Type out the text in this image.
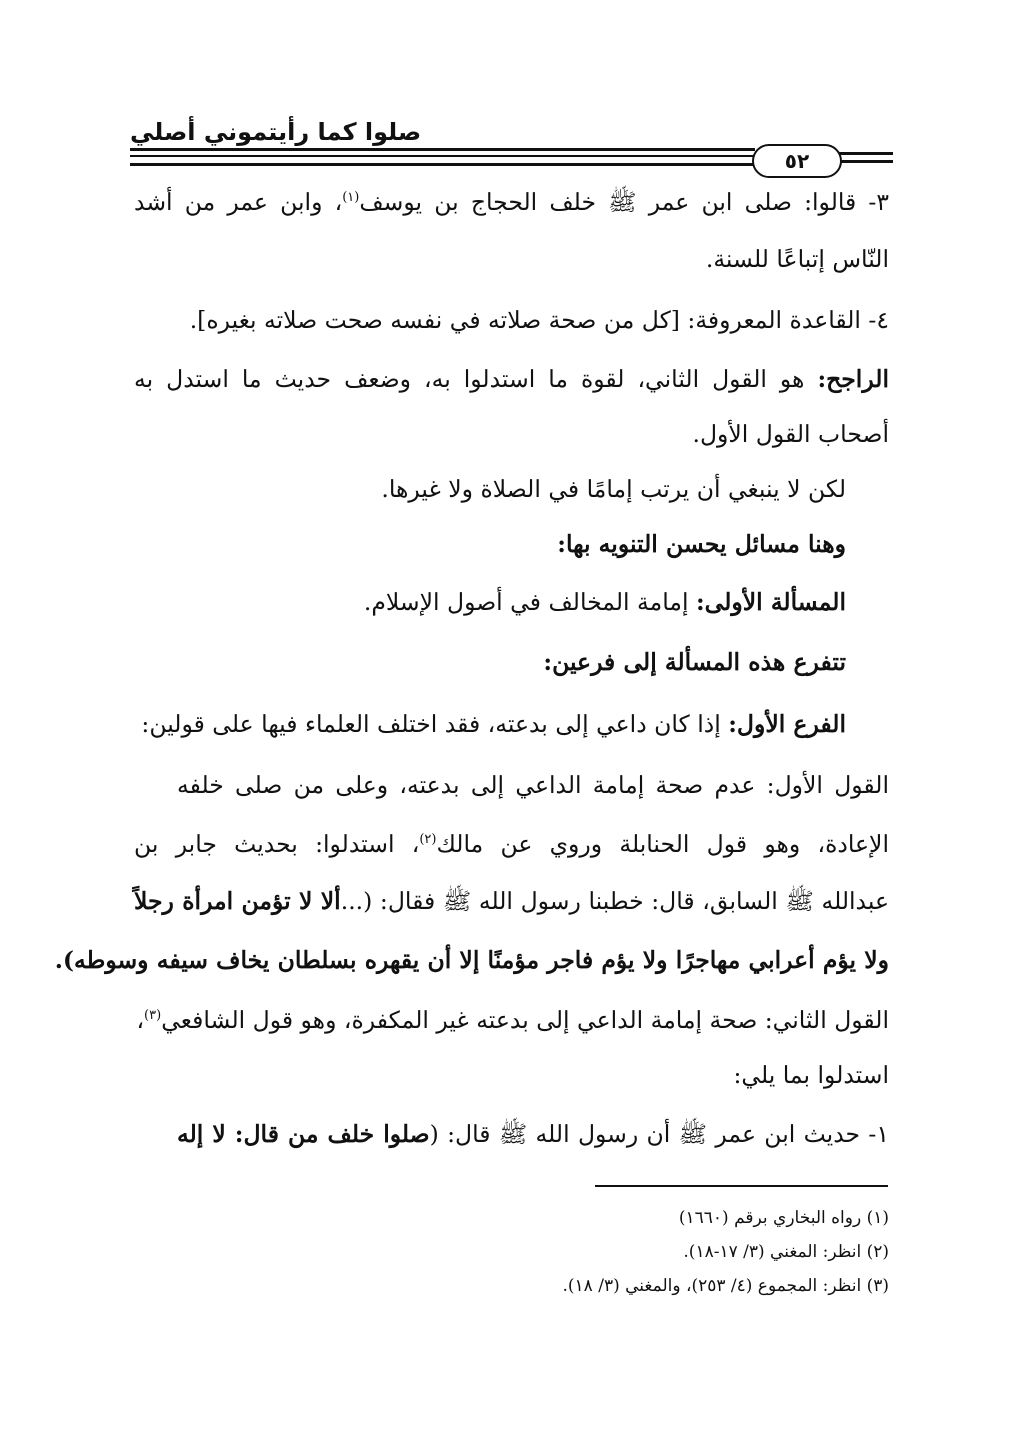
صلوا كما رأيتموني أصلي
٥٢
٣- قالوا: صلى ابن عمر ﷺ خلف الحجاج بن يوسف$^{(١)}$، وابن عمر من أشد
النّاس إتباعًا للسنة.
٤- القاعدة المعروفة: [كل من صحة صلاته في نفسه صحت صلاته بغيره].
الراجح: هو القول الثاني، لقوة ما استدلوا به، وضعف حديث ما استدل به
أصحاب القول الأول.
لكن لا ينبغي أن يرتب إمامًا في الصلاة ولا غيرها.
وهنا مسائل يحسن التنويه بها:
المسألة الأولى: إمامة المخالف في أصول الإسلام.
تتفرع هذه المسألة إلى فرعين:
الفرع الأول: إذا كان داعي إلى بدعته، فقد اختلف العلماء فيها على قولين:
القول الأول: عدم صحة إمامة الداعي إلى بدعته، وعلى من صلى خلفه
الإعادة، وهو قول الحنابلة وروي عن مالك$^{(٢)}$، استدلوا: بحديث جابر بن
عبدالله ﷺ السابق، قال: خطبنا رسول الله ﷺ فقال: (...ألا لا تؤمن امرأة رجلاً
ولا يؤم أعرابي مهاجرًا ولا يؤم فاجر مؤمنًا إلا أن يقهره بسلطان يخاف سيفه وسوطه).
القول الثاني: صحة إمامة الداعي إلى بدعته غير المكفرة، وهو قول الشافعي$^{(٣)}$،
استدلوا بما يلي:
١- حديث ابن عمر ﷺ أن رسول الله ﷺ قال: (صلوا خلف من قال: لا إله
(١) رواه البخاري برقم (١٦٦٠)
(٢) انظر: المغني (٣/ ١٧-١٨).
(٣) انظر: المجموع (٤/ ٢٥٣)، والمغني (٣/ ١٨).
